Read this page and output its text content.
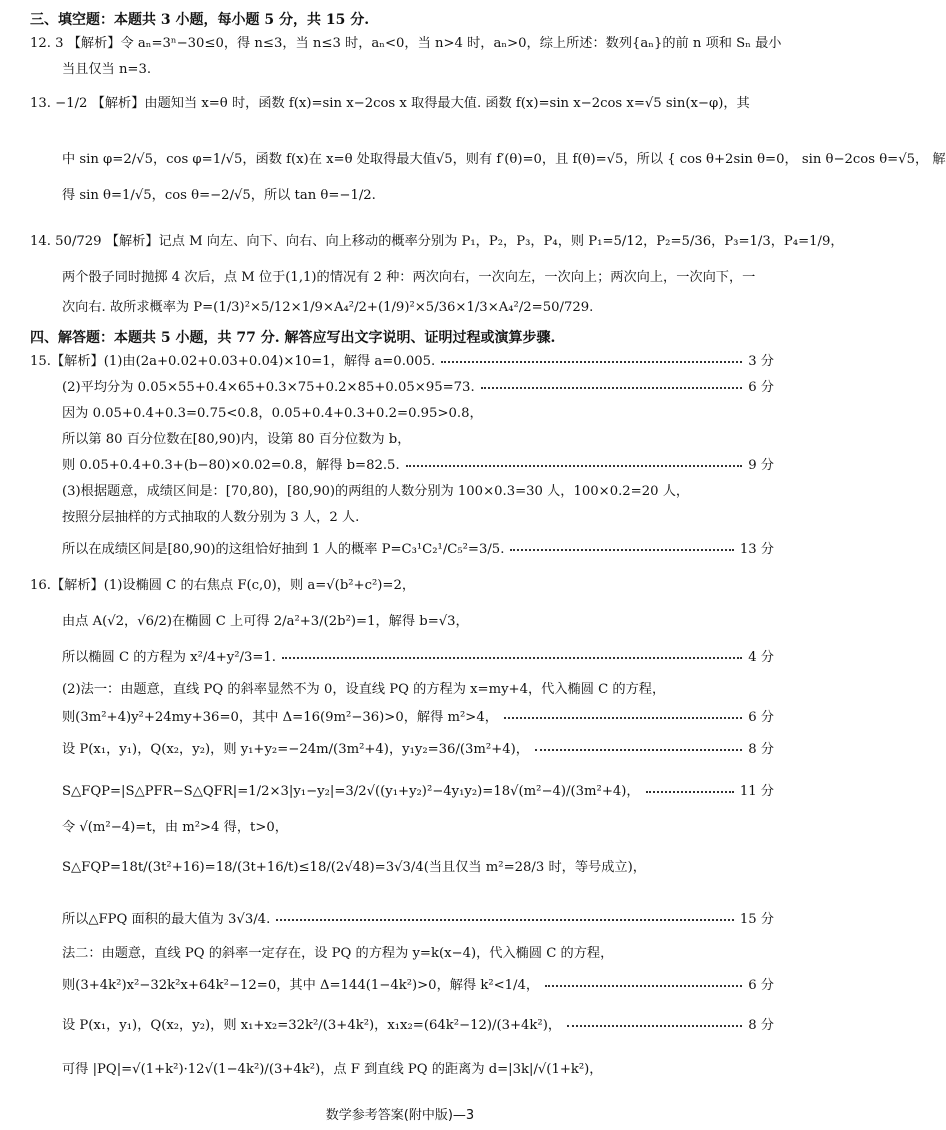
三、填空题：本题共 3 小题，每小题 5 分，共 15 分.
12. 3 【解析】令 aₙ=3ⁿ−30≤0，得 n≤3，当 n≤3 时，aₙ<0，当 n>4 时，aₙ>0，综上所述：数列{aₙ}的前 n 项和 Sₙ 最小
当且仅当 n=3.
13. −1/2 【解析】由题知当 x=θ 时，函数 f(x)=sin x−2cos x 取得最大值. 函数 f(x)=sin x−2cos x=√5 sin(x−φ)，其
中 sin φ=2/√5，cos φ=1/√5，函数 f(x)在 x=θ 处取得最大值√5，则有 f′(θ)=0，且 f(θ)=√5，所以 { cos θ+2sin θ=0， sin θ−2cos θ=√5， 解
得 sin θ=1/√5，cos θ=−2/√5，所以 tan θ=−1/2.
14. 50/729 【解析】记点 M 向左、向下、向右、向上移动的概率分别为 P₁，P₂，P₃，P₄，则 P₁=5/12，P₂=5/36，P₃=1/3，P₄=1/9，
两个骰子同时抛掷 4 次后，点 M 位于(1,1)的情况有 2 种：两次向右，一次向左，一次向上；两次向上，一次向下，一
次向右. 故所求概率为 P=(1/3)²×5/12×1/9×A₄²/2+(1/9)²×5/36×1/3×A₄²/2=50/729.
四、解答题：本题共 5 小题，共 77 分. 解答应写出文字说明、证明过程或演算步骤.
15.【解析】(1)由(2a+0.02+0.03+0.04)×10=1，解得 a=0.005.	3 分
(2)平均分为 0.05×55+0.4×65+0.3×75+0.2×85+0.05×95=73.	6 分
因为 0.05+0.4+0.3=0.75<0.8，0.05+0.4+0.3+0.2=0.95>0.8，
所以第 80 百分位数在[80,90)内，设第 80 百分位数为 b，
则 0.05+0.4+0.3+(b−80)×0.02=0.8，解得 b=82.5.	9 分
(3)根据题意，成绩区间是：[70,80)，[80,90)的两组的人数分别为 100×0.3=30 人，100×0.2=20 人，
按照分层抽样的方式抽取的人数分别为 3 人，2 人.
所以在成绩区间是[80,90)的这组恰好抽到 1 人的概率 P=C₃¹C₂¹/C₅²=3/5.	13 分
16.【解析】(1)设椭圆 C 的右焦点 F(c,0)，则 a=√(b²+c²)=2，
由点 A(√2，√6/2)在椭圆 C 上可得 2/a²+3/(2b²)=1，解得 b=√3，
所以椭圆 C 的方程为 x²/4+y²/3=1.	4 分
(2)法一：由题意，直线 PQ 的斜率显然不为 0，设直线 PQ 的方程为 x=my+4，代入椭圆 C 的方程，
则(3m²+4)y²+24my+36=0，其中 Δ=16(9m²−36)>0，解得 m²>4，	6 分
设 P(x₁，y₁)，Q(x₂，y₂)，则 y₁+y₂=−24m/(3m²+4)，y₁y₂=36/(3m²+4)，	8 分
S△FQP=|S△PFR−S△QFR|=1/2×3|y₁−y₂|=3/2√((y₁+y₂)²−4y₁y₂)=18√(m²−4)/(3m²+4)，	11 分
令 √(m²−4)=t，由 m²>4 得，t>0，
S△FQP=18t/(3t²+16)=18/(3t+16/t)≤18/(2√48)=3√3/4(当且仅当 m²=28/3 时，等号成立)，
所以△FPQ 面积的最大值为 3√3/4.	15 分
法二：由题意，直线 PQ 的斜率一定存在，设 PQ 的方程为 y=k(x−4)，代入椭圆 C 的方程，
则(3+4k²)x²−32k²x+64k²−12=0，其中 Δ=144(1−4k²)>0，解得 k²<1/4，	6 分
设 P(x₁，y₁)，Q(x₂，y₂)，则 x₁+x₂=32k²/(3+4k²)，x₁x₂=(64k²−12)/(3+4k²)，	8 分
可得 |PQ|=√(1+k²)·12√(1−4k²)/(3+4k²)，点 F 到直线 PQ 的距离为 d=|3k|/√(1+k²)，
数学参考答案(附中版)—3
